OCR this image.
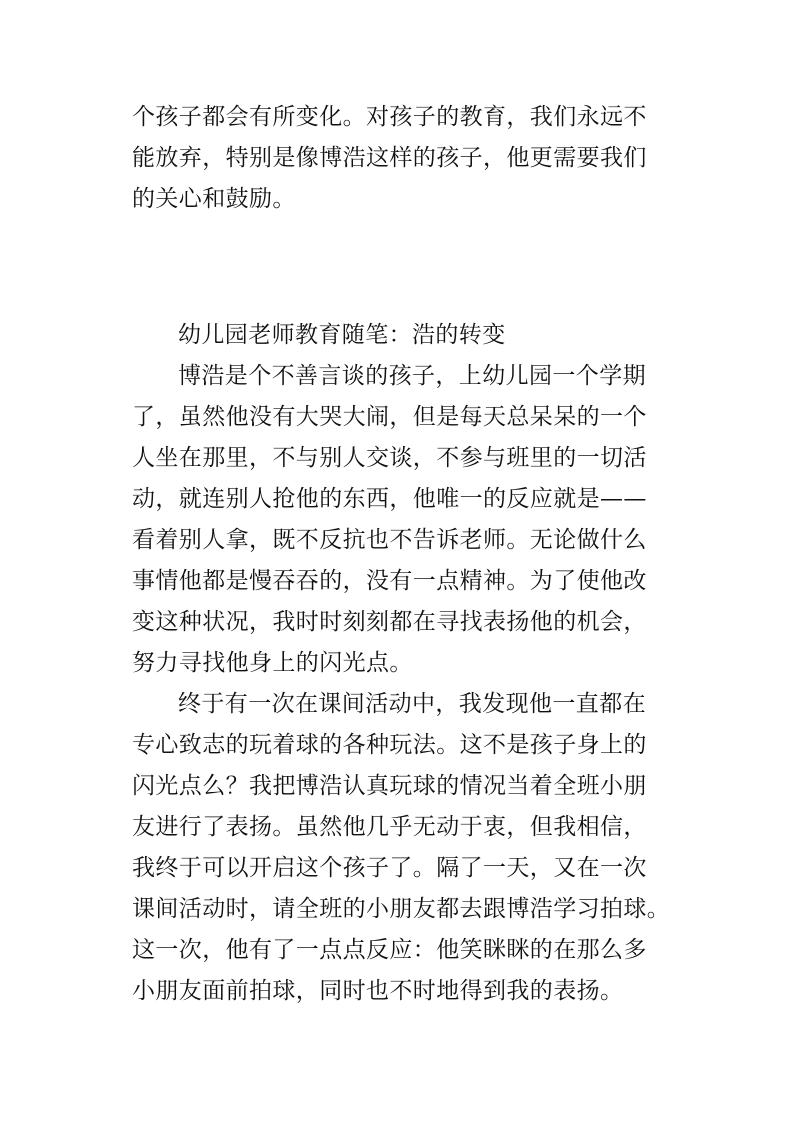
个孩子都会有所变化。对孩子的教育，我们永远不
能放弃，特别是像博浩这样的孩子，他更需要我们
的关心和鼓励。
幼儿园老师教育随笔：浩的转变
博浩是个不善言谈的孩子，上幼儿园一个学期
了，虽然他没有大哭大闹，但是每天总呆呆的一个
人坐在那里，不与别人交谈，不参与班里的一切活
动，就连别人抢他的东西，他唯一的反应就是——
看着别人拿，既不反抗也不告诉老师。无论做什么
事情他都是慢吞吞的，没有一点精神。为了使他改
变这种状况，我时时刻刻都在寻找表扬他的机会，
努力寻找他身上的闪光点。
终于有一次在课间活动中，我发现他一直都在
专心致志的玩着球的各种玩法。这不是孩子身上的
闪光点么？我把博浩认真玩球的情况当着全班小朋
友进行了表扬。虽然他几乎无动于衷，但我相信，
我终于可以开启这个孩子了。隔了一天，又在一次
课间活动时，请全班的小朋友都去跟博浩学习拍球。
这一次，他有了一点点反应：他笑眯眯的在那么多
小朋友面前拍球，同时也不时地得到我的表扬。
